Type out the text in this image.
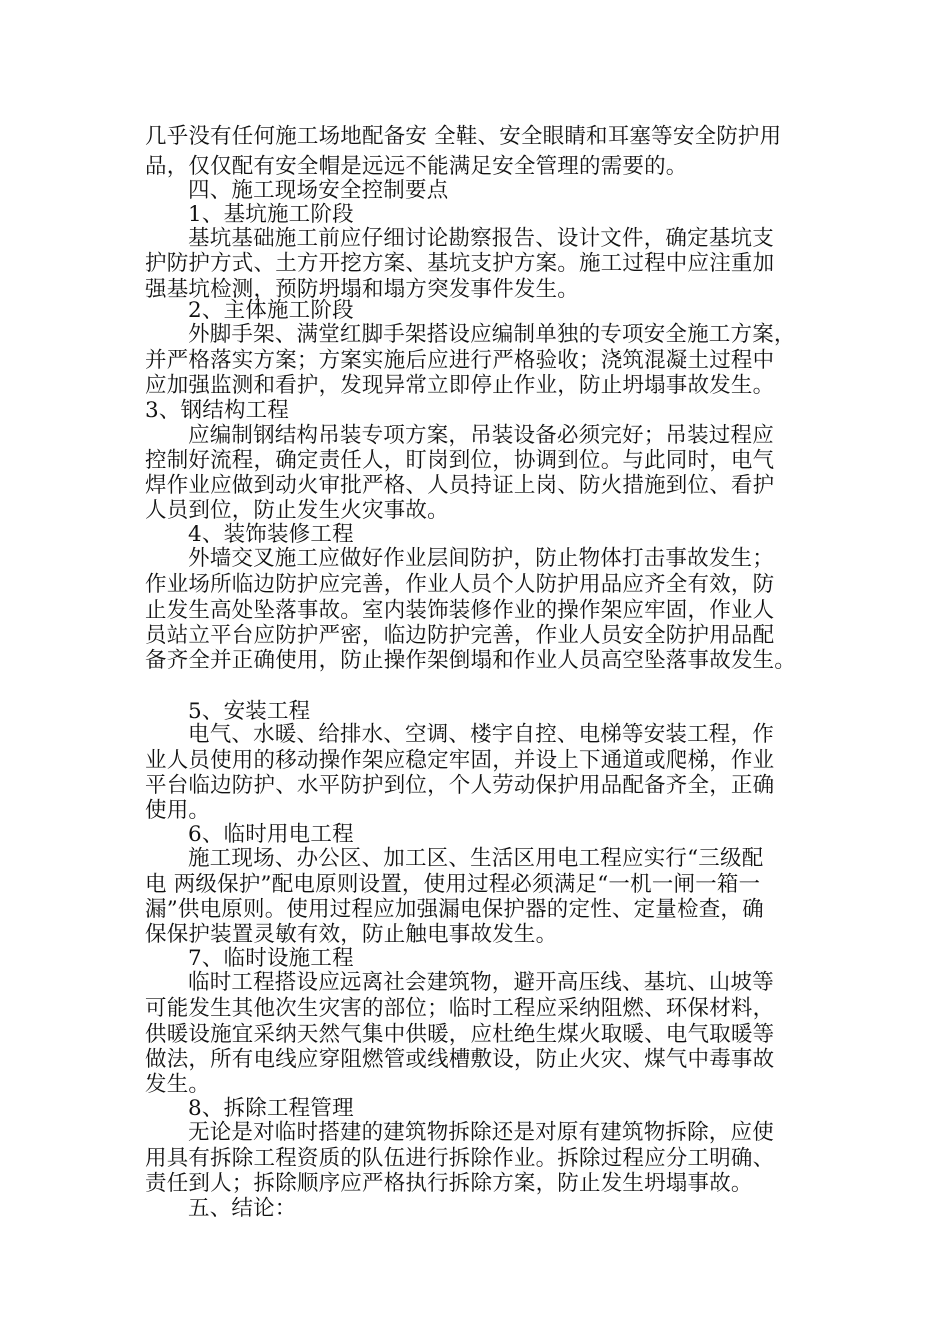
几乎没有任何施工场地配备安 全鞋、安全眼睛和耳塞等安全防护用
品，仅仅配有安全帽是远远不能满足安全管理的需要的。
四、施工现场安全控制要点
1、基坑施工阶段
基坑基础施工前应仔细讨论勘察报告、设计文件，确定基坑支
护防护方式、土方开挖方案、基坑支护方案。施工过程中应注重加
强基坑检测，预防坍塌和塌方突发事件发生。
2、主体施工阶段
外脚手架、满堂红脚手架搭设应编制单独的专项安全施工方案，
并严格落实方案；方案实施后应进行严格验收；浇筑混凝土过程中
应加强监测和看护，发现异常立即停止作业，防止坍塌事故发生。
3、钢结构工程
应编制钢结构吊装专项方案，吊装设备必须完好；吊装过程应
控制好流程，确定责任人，盯岗到位，协调到位。与此同时，电气
焊作业应做到动火审批严格、人员持证上岗、防火措施到位、看护
人员到位，防止发生火灾事故。
4、装饰装修工程
外墙交叉施工应做好作业层间防护，防止物体打击事故发生；
作业场所临边防护应完善，作业人员个人防护用品应齐全有效，防
止发生高处坠落事故。室内装饰装修作业的操作架应牢固，作业人
员站立平台应防护严密，临边防护完善，作业人员安全防护用品配
备齐全并正确使用，防止操作架倒塌和作业人员高空坠落事故发生。
5、安装工程
电气、水暖、给排水、空调、楼宇自控、电梯等安装工程，作
业人员使用的移动操作架应稳定牢固，并设上下通道或爬梯，作业
平台临边防护、水平防护到位，个人劳动保护用品配备齐全，正确
使用。
6、临时用电工程
施工现场、办公区、加工区、生活区用电工程应实行“三级配
电 两级保护”配电原则设置，使用过程必须满足“一机一闸一箱一
漏”供电原则。使用过程应加强漏电保护器的定性、定量检查，确
保保护装置灵敏有效，防止触电事故发生。
7、临时设施工程
临时工程搭设应远离社会建筑物，避开高压线、基坑、山坡等
可能发生其他次生灾害的部位；临时工程应采纳阻燃、环保材料，
供暖设施宜采纳天然气集中供暖，应杜绝生煤火取暖、电气取暖等
做法，所有电线应穿阻燃管或线槽敷设，防止火灾、煤气中毒事故
发生。
8、拆除工程管理
无论是对临时搭建的建筑物拆除还是对原有建筑物拆除，应使
用具有拆除工程资质的队伍进行拆除作业。拆除过程应分工明确、
责任到人；拆除顺序应严格执行拆除方案，防止发生坍塌事故。
五、结论：
